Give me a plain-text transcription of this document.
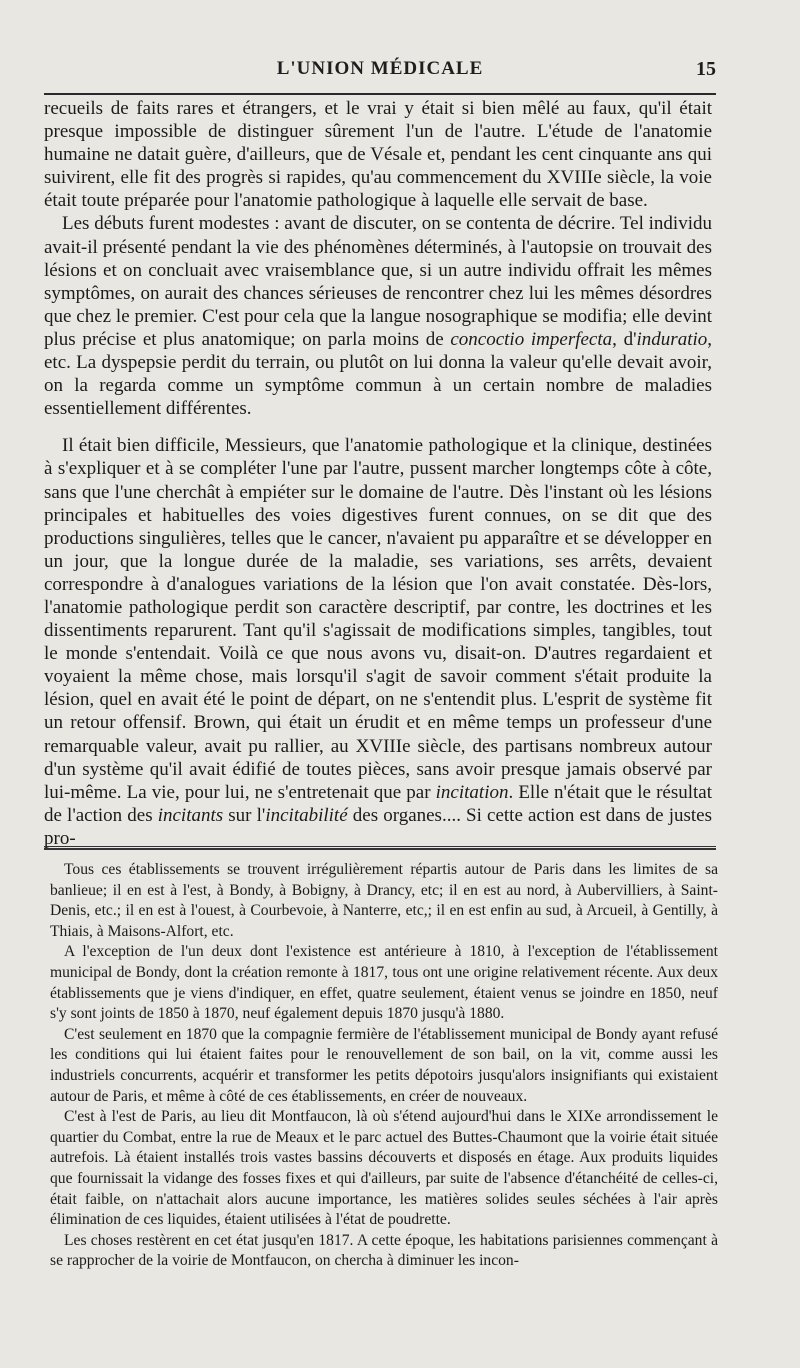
L'UNION MÉDICALE	15

recueils de faits rares et étrangers, et le vrai y était si bien mêlé au faux, qu'il était presque impossible de distinguer sûrement l'un de l'autre. L'étude de l'anatomie humaine ne datait guère, d'ailleurs, que de Vésale et, pendant les cent cinquante ans qui suivirent, elle fit des progrès si rapides, qu'au commencement du XVIIIe siècle, la voie était toute préparée pour l'anatomie pathologique à laquelle elle servait de base.

Les débuts furent modestes : avant de discuter, on se contenta de décrire. Tel individu avait-il présenté pendant la vie des phénomènes déterminés, à l'autopsie on trouvait des lésions et on concluait avec vraisemblance que, si un autre individu offrait les mêmes symptômes, on aurait des chances sérieuses de rencontrer chez lui les mêmes désordres que chez le premier. C'est pour cela que la langue nosographique se modifia; elle devint plus précise et plus anatomique; on parla moins de concoctio imperfecta, d'induratio, etc. La dyspepsie perdit du terrain, ou plutôt on lui donna la valeur qu'elle devait avoir, on la regarda comme un symptôme commun à un certain nombre de maladies essentiellement différentes.

Il était bien difficile, Messieurs, que l'anatomie pathologique et la clinique, destinées à s'expliquer et à se compléter l'une par l'autre, pussent marcher longtemps côte à côte, sans que l'une cherchât à empiéter sur le domaine de l'autre. Dès l'instant où les lésions principales et habituelles des voies digestives furent connues, on se dit que des productions singulières, telles que le cancer, n'avaient pu apparaître et se développer en un jour, que la longue durée de la maladie, ses variations, ses arrêts, devaient correspondre à d'analogues variations de la lésion que l'on avait constatée. Dès-lors, l'anatomie pathologique perdit son caractère descriptif, par contre, les doctrines et les dissentiments reparurent. Tant qu'il s'agissait de modifications simples, tangibles, tout le monde s'entendait. Voilà ce que nous avons vu, disait-on. D'autres regardaient et voyaient la même chose, mais lorsqu'il s'agit de savoir comment s'était produite la lésion, quel en avait été le point de départ, on ne s'entendit plus. L'esprit de système fit un retour offensif. Brown, qui était un érudit et en même temps un professeur d'une remarquable valeur, avait pu rallier, au XVIIIe siècle, des partisans nombreux autour d'un système qu'il avait édifié de toutes pièces, sans avoir presque jamais observé par lui-même. La vie, pour lui, ne s'entretenait que par incitation. Elle n'était que le résultat de l'action des incitants sur l'incitabilité des organes.... Si cette action est dans de justes pro-

Tous ces établissements se trouvent irrégulièrement répartis autour de Paris dans les limites de sa banlieue; il en est à l'est, à Bondy, à Bobigny, à Drancy, etc; il en est au nord, à Aubervilliers, à Saint-Denis, etc.; il en est à l'ouest, à Courbevoie, à Nanterre, etc,; il en est enfin au sud, à Arcueil, à Gentilly, à Thiais, à Maisons-Alfort, etc.

A l'exception de l'un deux dont l'existence est antérieure à 1810, à l'exception de l'établissement municipal de Bondy, dont la création remonte à 1817, tous ont une origine relativement récente. Aux deux établissements que je viens d'indiquer, en effet, quatre seulement, étaient venus se joindre en 1850, neuf s'y sont joints de 1850 à 1870, neuf également depuis 1870 jusqu'à 1880.

C'est seulement en 1870 que la compagnie fermière de l'établissement municipal de Bondy ayant refusé les conditions qui lui étaient faites pour le renouvellement de son bail, on la vit, comme aussi les industriels concurrents, acquérir et transformer les petits dépotoirs jusqu'alors insignifiants qui existaient autour de Paris, et même à côté de ces établissements, en créer de nouveaux.

C'est à l'est de Paris, au lieu dit Montfaucon, là où s'étend aujourd'hui dans le XIXe arrondissement le quartier du Combat, entre la rue de Meaux et le parc actuel des Buttes-Chaumont que la voirie était située autrefois. Là étaient installés trois vastes bassins découverts et disposés en étage. Aux produits liquides que fournissait la vidange des fosses fixes et qui d'ailleurs, par suite de l'absence d'étanchéité de celles-ci, était faible, on n'attachait alors aucune importance, les matières solides seules séchées à l'air après élimination de ces liquides, étaient utilisées à l'état de poudrette.

Les choses restèrent en cet état jusqu'en 1817. A cette époque, les habitations parisiennes commençant à se rapprocher de la voirie de Montfaucon, on chercha à diminuer les incon-
